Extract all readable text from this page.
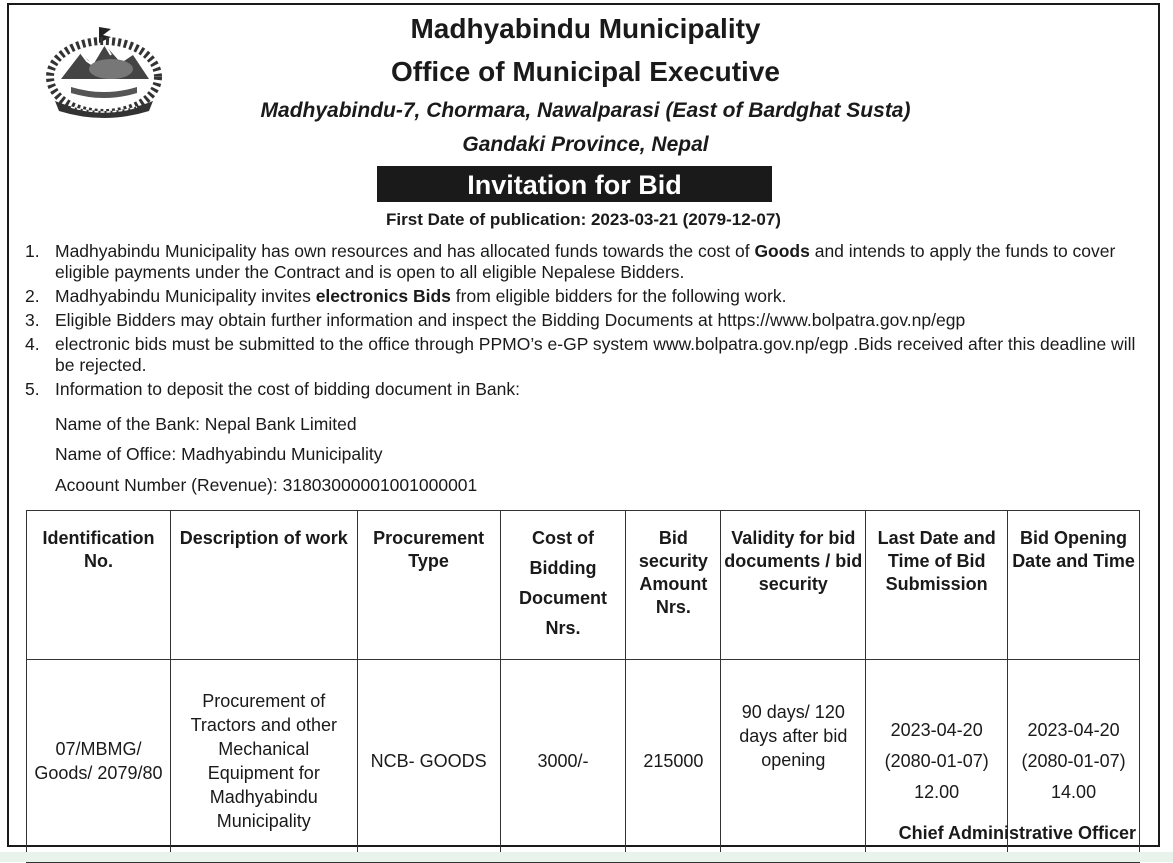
Madhyabindu Municipality
Office of Municipal Executive
Madhyabindu-7, Chormara, Nawalparasi (East of Bardghat Susta)
Gandaki Province, Nepal
Invitation for Bid
First Date of publication: 2023-03-21 (2079-12-07)
1. Madhyabindu Municipality has own resources and has allocated funds towards the cost of Goods and intends to apply the funds to cover eligible payments under the Contract and is open to all eligible Nepalese Bidders.
2. Madhyabindu Municipality invites electronics Bids from eligible bidders for the following work.
3. Eligible Bidders may obtain further information and inspect the Bidding Documents at https://www.bolpatra.gov.np/egp
4. electronic bids must be submitted to the office through PPMO’s e-GP system www.bolpatra.gov.np/egp .Bids received after this deadline will be rejected.
5. Information to deposit the cost of bidding document in Bank:
Name of the Bank: Nepal Bank Limited
Name of Office: Madhyabindu Municipality
Acoount Number (Revenue): 31803000001001000001
Identification No.	Description of work	Procurement Type	Cost of Bidding Document Nrs.	Bid security Amount Nrs.	Validity for bid documents / bid security	Last Date and Time of Bid Submission	Bid Opening Date and Time
07/MBMG/ Goods/ 2079/80	Procurement of Tractors and other Mechanical Equipment for Madhyabindu Municipality	NCB- GOODS	3000/-	215000	90 days/ 120 days after bid opening	2023-04-20 (2080-01-07) 12.00	2023-04-20 (2080-01-07) 14.00
Chief Administrative Officer
